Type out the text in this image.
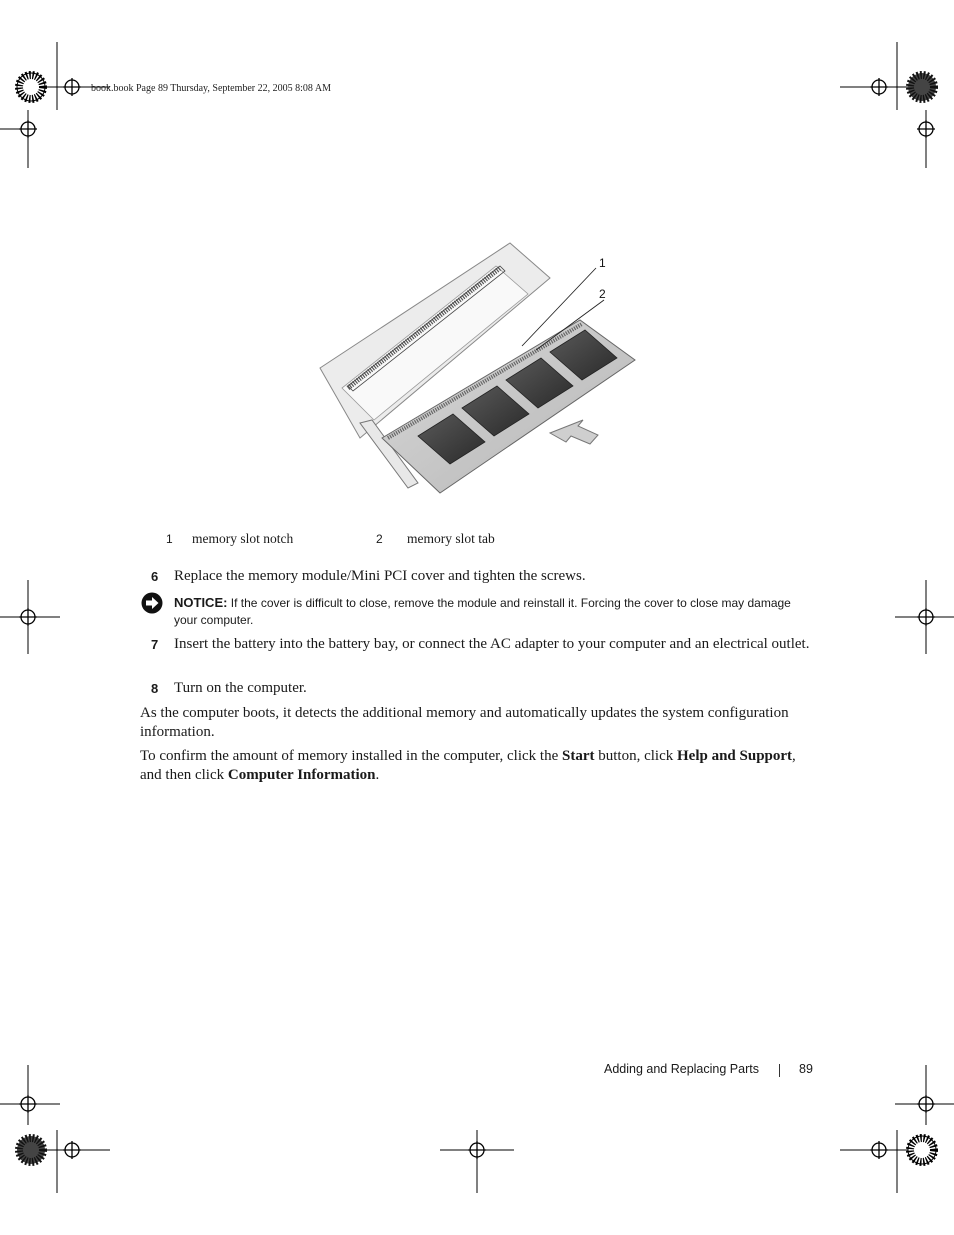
book.book Page 89 Thursday, September 22, 2005 8:08 AM
1
2
1 memory slot notch	2 memory slot tab
6	Replace the memory module/Mini PCI cover and tighten the screws.
NOTICE: If the cover is difficult to close, remove the module and reinstall it. Forcing the cover to close may damage your computer.
7	Insert the battery into the battery bay, or connect the AC adapter to your computer and an electrical outlet.
8	Turn on the computer.
As the computer boots, it detects the additional memory and automatically updates the system configuration information.
To confirm the amount of memory installed in the computer, click the Start button, click Help and Support, and then click Computer Information.
Adding and Replacing Parts	89
